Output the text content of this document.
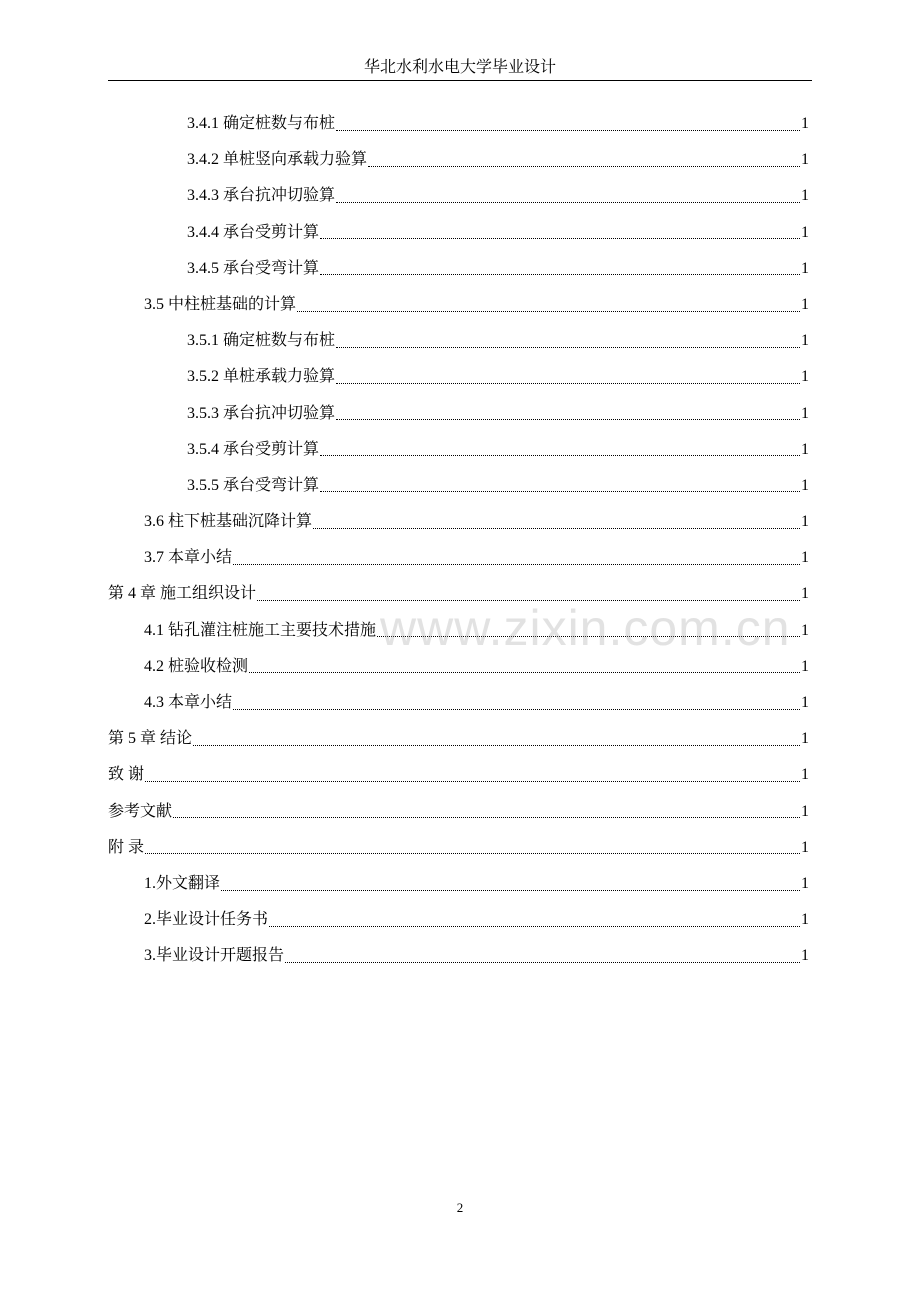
华北水利水电大学毕业设计
3.4.1 确定桩数与布桩	1
3.4.2 单桩竖向承载力验算	1
3.4.3 承台抗冲切验算	1
3.4.4 承台受剪计算	1
3.4.5 承台受弯计算	1
3.5 中柱桩基础的计算	1
3.5.1 确定桩数与布桩	1
3.5.2 单桩承载力验算	1
3.5.3 承台抗冲切验算	1
3.5.4 承台受剪计算	1
3.5.5 承台受弯计算	1
3.6 柱下桩基础沉降计算	1
3.7 本章小结	1
第 4 章 施工组织设计	1
4.1 钻孔灌注桩施工主要技术措施	1
4.2 桩验收检测	1
4.3 本章小结	1
第 5 章 结论	1
致 谢	1
参考文献	1
附 录	1
1.外文翻译	1
2.毕业设计任务书	1
3.毕业设计开题报告	1
www.zixin.com.cn
2
